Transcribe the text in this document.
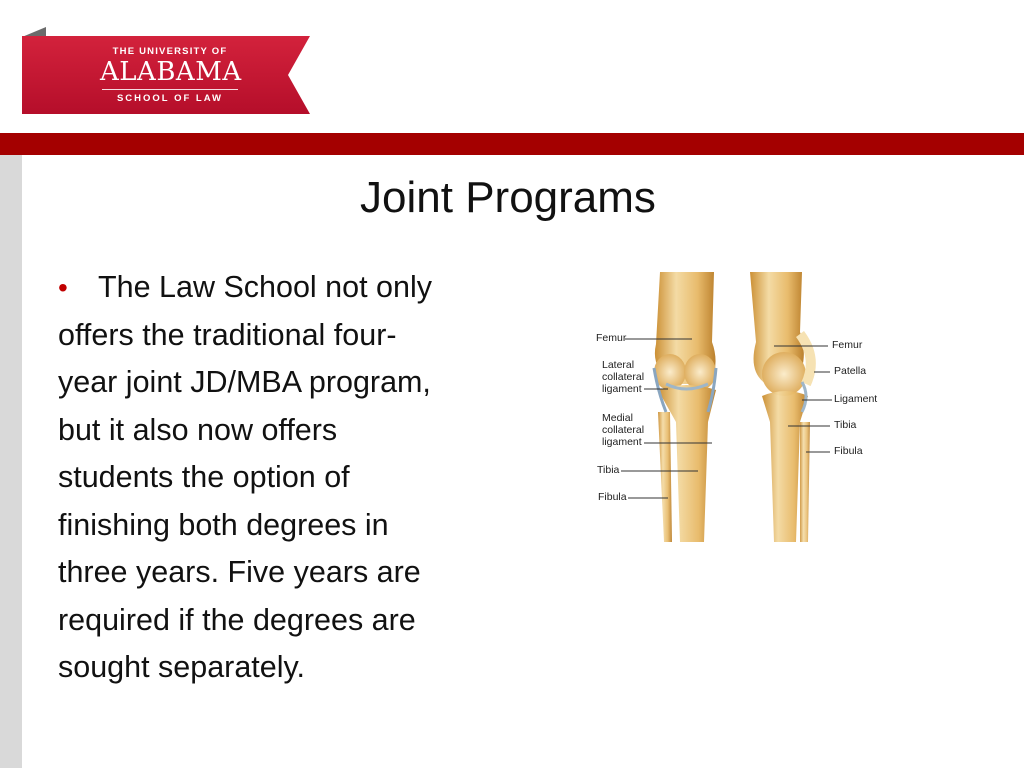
THE UNIVERSITY OF
ALABAMA
SCHOOL OF LAW
Joint Programs
• The Law School not only
offers the traditional four-
year joint JD/MBA program,
but it also now offers
students the option of
finishing both degrees in
three years. Five years are
required if the degrees are
sought separately.
Femur
Lateral
collateral
ligament
Medial
collateral
ligament
Tibia
Fibula
Femur
Patella
Ligament
Tibia
Fibula
